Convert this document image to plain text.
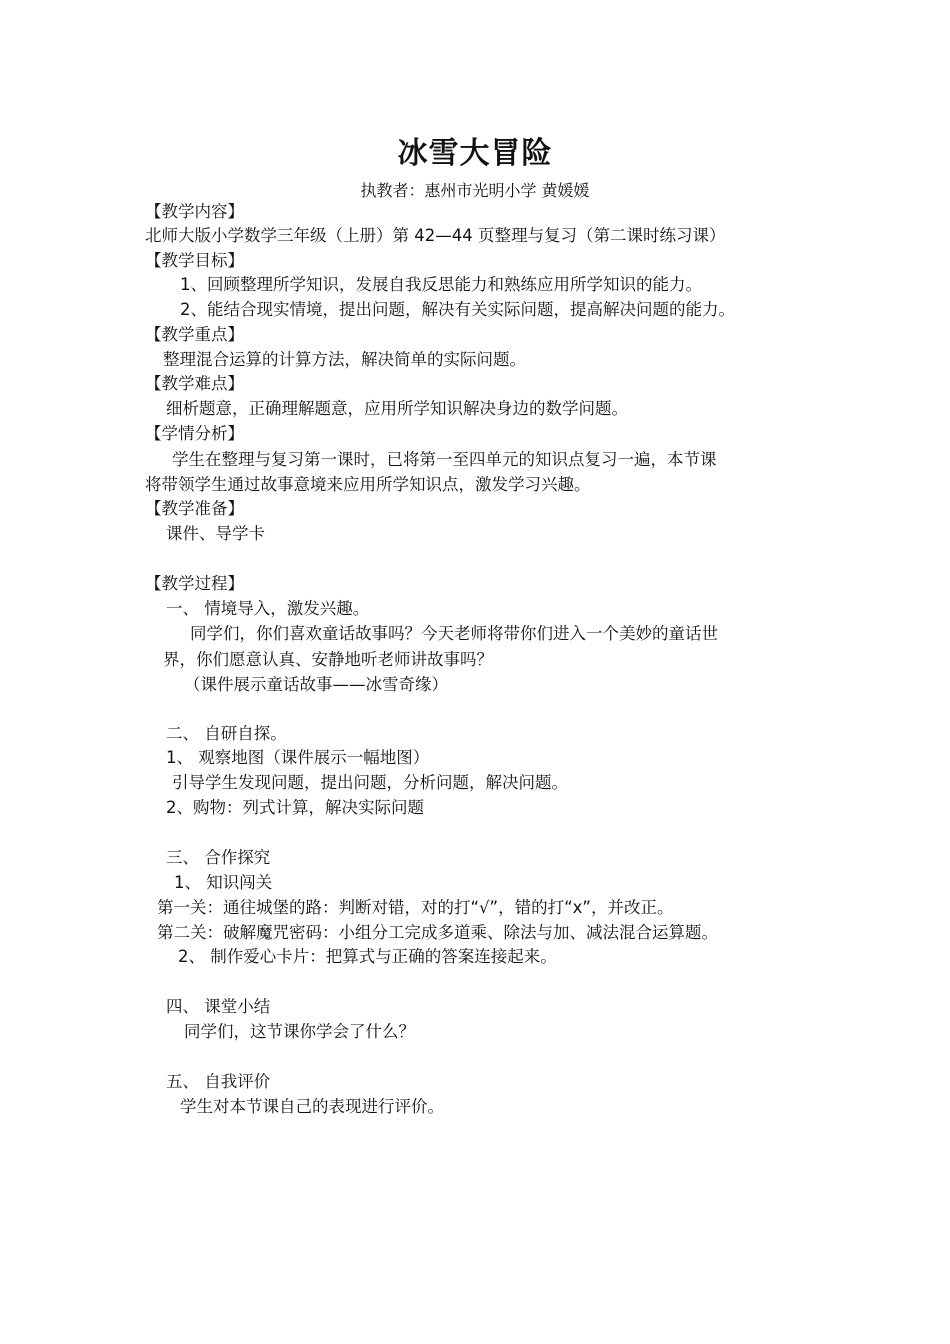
冰雪大冒险
执教者：惠州市光明小学 黄媛媛
【教学内容】
北师大版小学数学三年级（上册）第 42—44 页整理与复习（第二课时练习课）
【教学目标】
1、回顾整理所学知识，发展自我反思能力和熟练应用所学知识的能力。
2、能结合现实情境，提出问题，解决有关实际问题，提高解决问题的能力。
【教学重点】
整理混合运算的计算方法，解决简单的实际问题。
【教学难点】
细析题意，正确理解题意，应用所学知识解决身边的数学问题。
【学情分析】
学生在整理与复习第一课时，已将第一至四单元的知识点复习一遍，本节课
将带领学生通过故事意境来应用所学知识点，激发学习兴趣。
【教学准备】
课件、导学卡
【教学过程】
一、 情境导入，激发兴趣。
同学们，你们喜欢童话故事吗？今天老师将带你们进入一个美妙的童话世
界，你们愿意认真、安静地听老师讲故事吗？
（课件展示童话故事——冰雪奇缘）
二、 自研自探。
1、 观察地图（课件展示一幅地图）
引导学生发现问题，提出问题，分析问题，解决问题。
2、购物：列式计算，解决实际问题
三、 合作探究
1、 知识闯关
第一关：通往城堡的路：判断对错，对的打“√”，错的打“x”，并改正。
第二关：破解魔咒密码：小组分工完成多道乘、除法与加、减法混合运算题。
2、 制作爱心卡片：把算式与正确的答案连接起来。
四、 课堂小结
同学们，这节课你学会了什么？
五、 自我评价
学生对本节课自己的表现进行评价。
